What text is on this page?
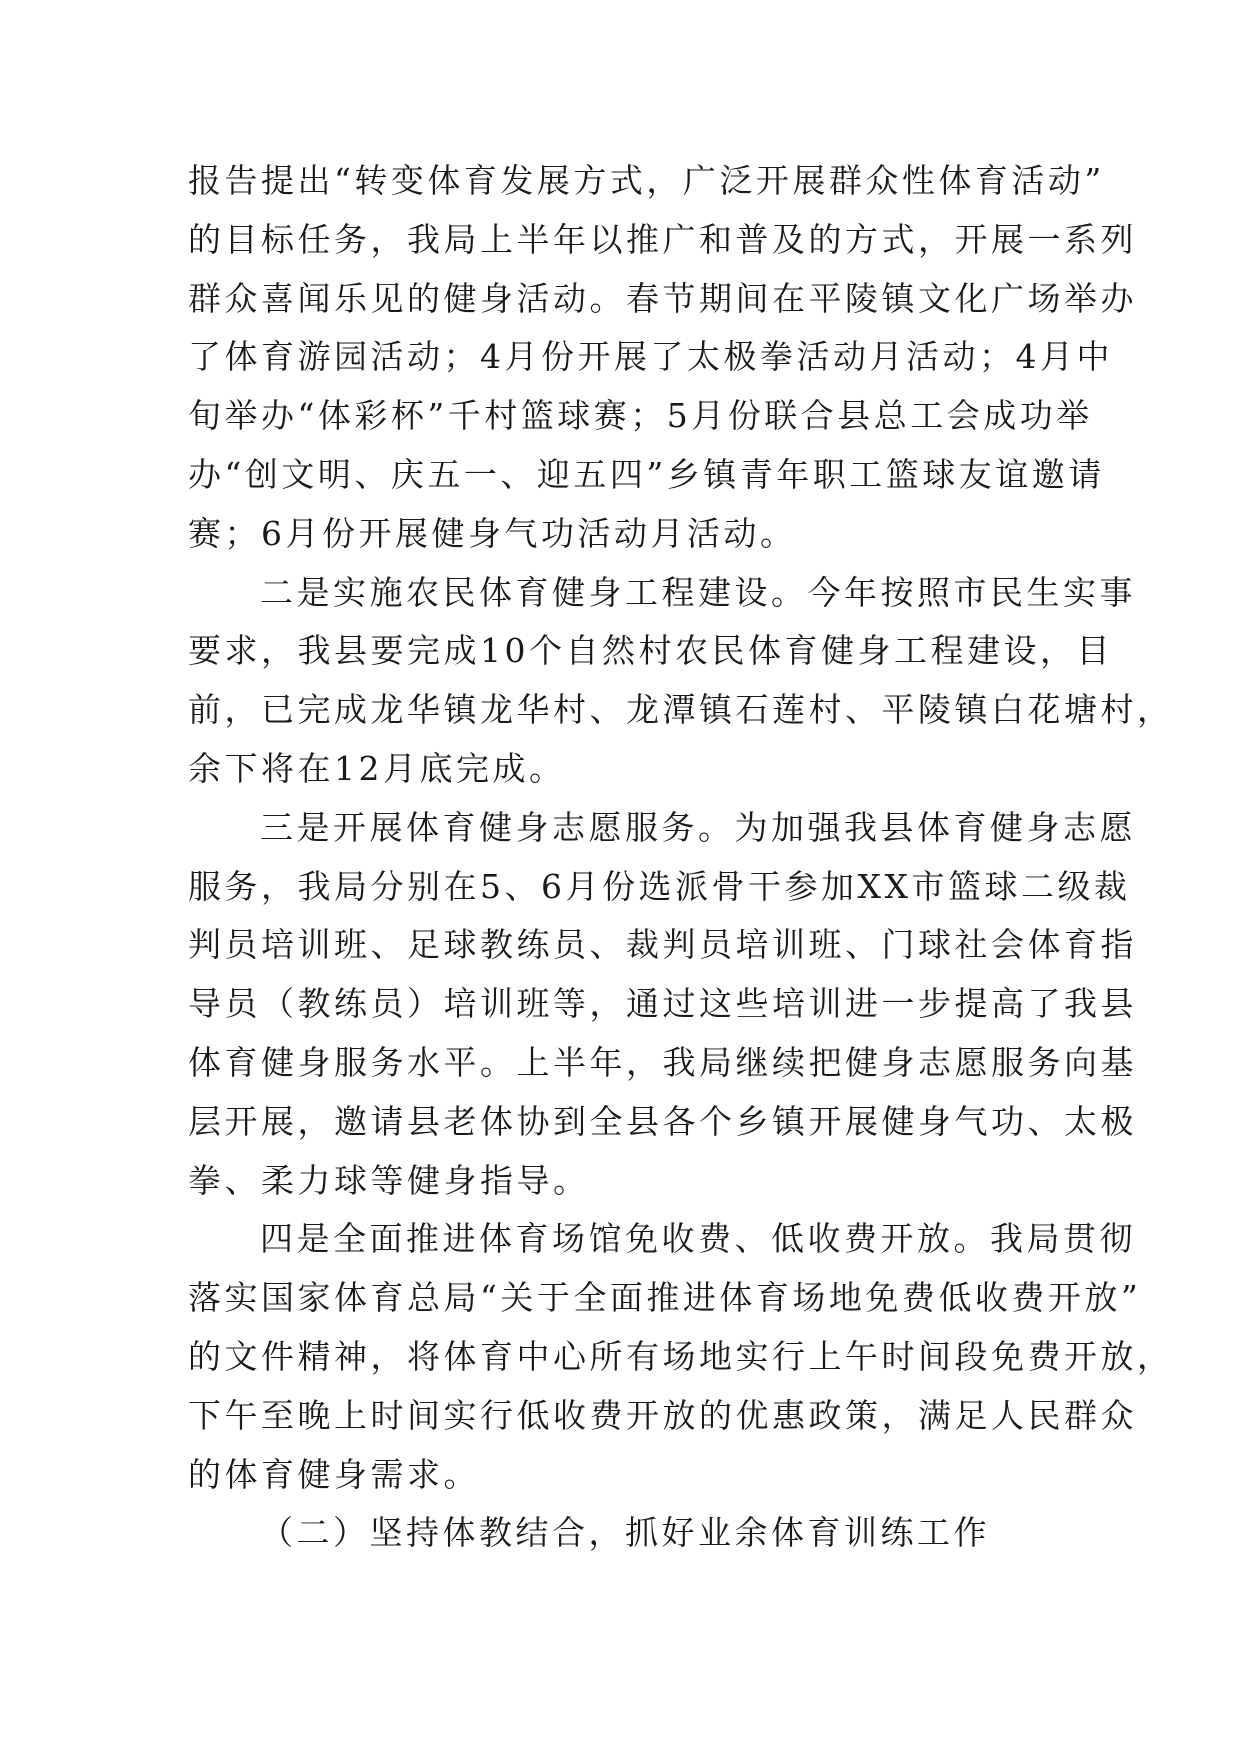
报告提出“转变体育发展方式，广泛开展群众性体育活动”
的目标任务，我局上半年以推广和普及的方式，开展一系列
群众喜闻乐见的健身活动。春节期间在平陵镇文化广场举办
了体育游园活动；4月份开展了太极拳活动月活动；4月中
旬举办“体彩杯”千村篮球赛；5月份联合县总工会成功举
办“创文明、庆五一、迎五四”乡镇青年职工篮球友谊邀请
赛；6月份开展健身气功活动月活动。
二是实施农民体育健身工程建设。今年按照市民生实事
要求，我县要完成10个自然村农民体育健身工程建设，目
前，已完成龙华镇龙华村、龙潭镇石莲村、平陵镇白花塘村，
余下将在12月底完成。
三是开展体育健身志愿服务。为加强我县体育健身志愿
服务，我局分别在5、6月份选派骨干参加XX市篮球二级裁
判员培训班、足球教练员、裁判员培训班、门球社会体育指
导员（教练员）培训班等，通过这些培训进一步提高了我县
体育健身服务水平。上半年，我局继续把健身志愿服务向基
层开展，邀请县老体协到全县各个乡镇开展健身气功、太极
拳、柔力球等健身指导。
四是全面推进体育场馆免收费、低收费开放。我局贯彻
落实国家体育总局“关于全面推进体育场地免费低收费开放”
的文件精神，将体育中心所有场地实行上午时间段免费开放，
下午至晚上时间实行低收费开放的优惠政策，满足人民群众
的体育健身需求。
（二）坚持体教结合，抓好业余体育训练工作
